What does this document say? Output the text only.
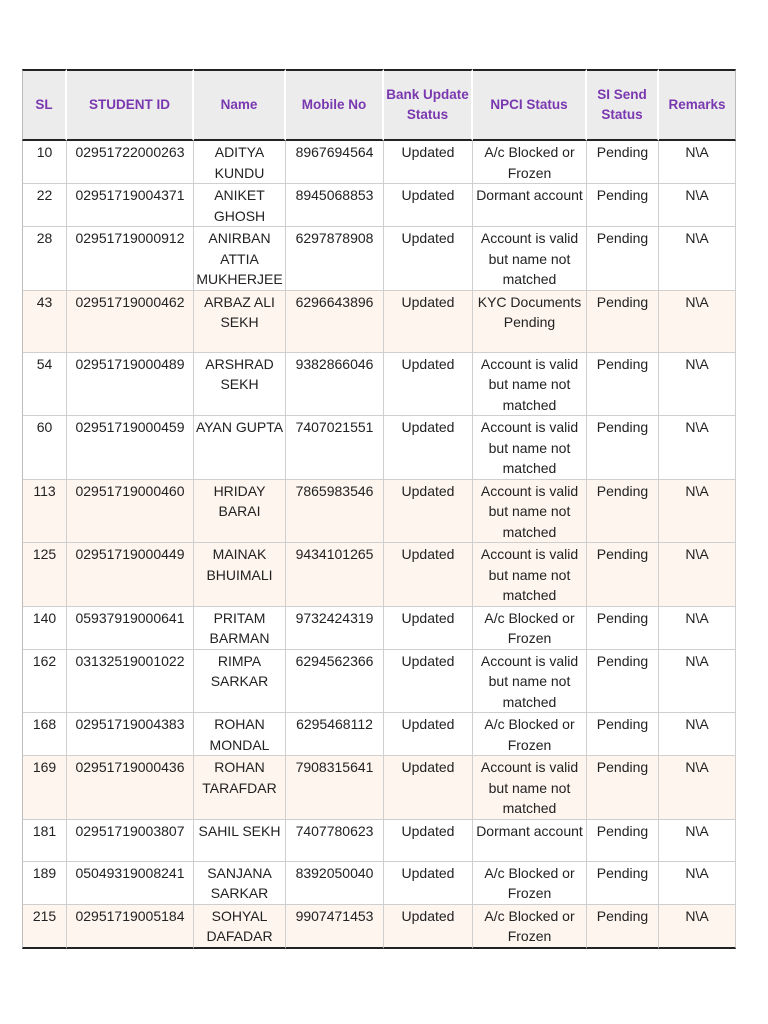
SL	STUDENT ID	Name	Mobile No	Bank Update Status	NPCI Status	SI Send Status	Remarks
10	02951722000263	ADITYA KUNDU	8967694564	Updated	A/c Blocked or Frozen	Pending	N\A
22	02951719004371	ANIKET GHOSH	8945068853	Updated	Dormant account	Pending	N\A
28	02951719000912	ANIRBAN ATTIA MUKHERJEE	6297878908	Updated	Account is valid but name not matched	Pending	N\A
43	02951719000462	ARBAZ ALI SEKH	6296643896	Updated	KYC Documents Pending	Pending	N\A
54	02951719000489	ARSHRAD SEKH	9382866046	Updated	Account is valid but name not matched	Pending	N\A
60	02951719000459	AYAN GUPTA	7407021551	Updated	Account is valid but name not matched	Pending	N\A
113	02951719000460	HRIDAY BARAI	7865983546	Updated	Account is valid but name not matched	Pending	N\A
125	02951719000449	MAINAK BHUIMALI	9434101265	Updated	Account is valid but name not matched	Pending	N\A
140	05937919000641	PRITAM BARMAN	9732424319	Updated	A/c Blocked or Frozen	Pending	N\A
162	03132519001022	RIMPA SARKAR	6294562366	Updated	Account is valid but name not matched	Pending	N\A
168	02951719004383	ROHAN MONDAL	6295468112	Updated	A/c Blocked or Frozen	Pending	N\A
169	02951719000436	ROHAN TARAFDAR	7908315641	Updated	Account is valid but name not matched	Pending	N\A
181	02951719003807	SAHIL SEKH	7407780623	Updated	Dormant account	Pending	N\A
189	05049319008241	SANJANA SARKAR	8392050040	Updated	A/c Blocked or Frozen	Pending	N\A
215	02951719005184	SOHYAL DAFADAR	9907471453	Updated	A/c Blocked or Frozen	Pending	N\A
